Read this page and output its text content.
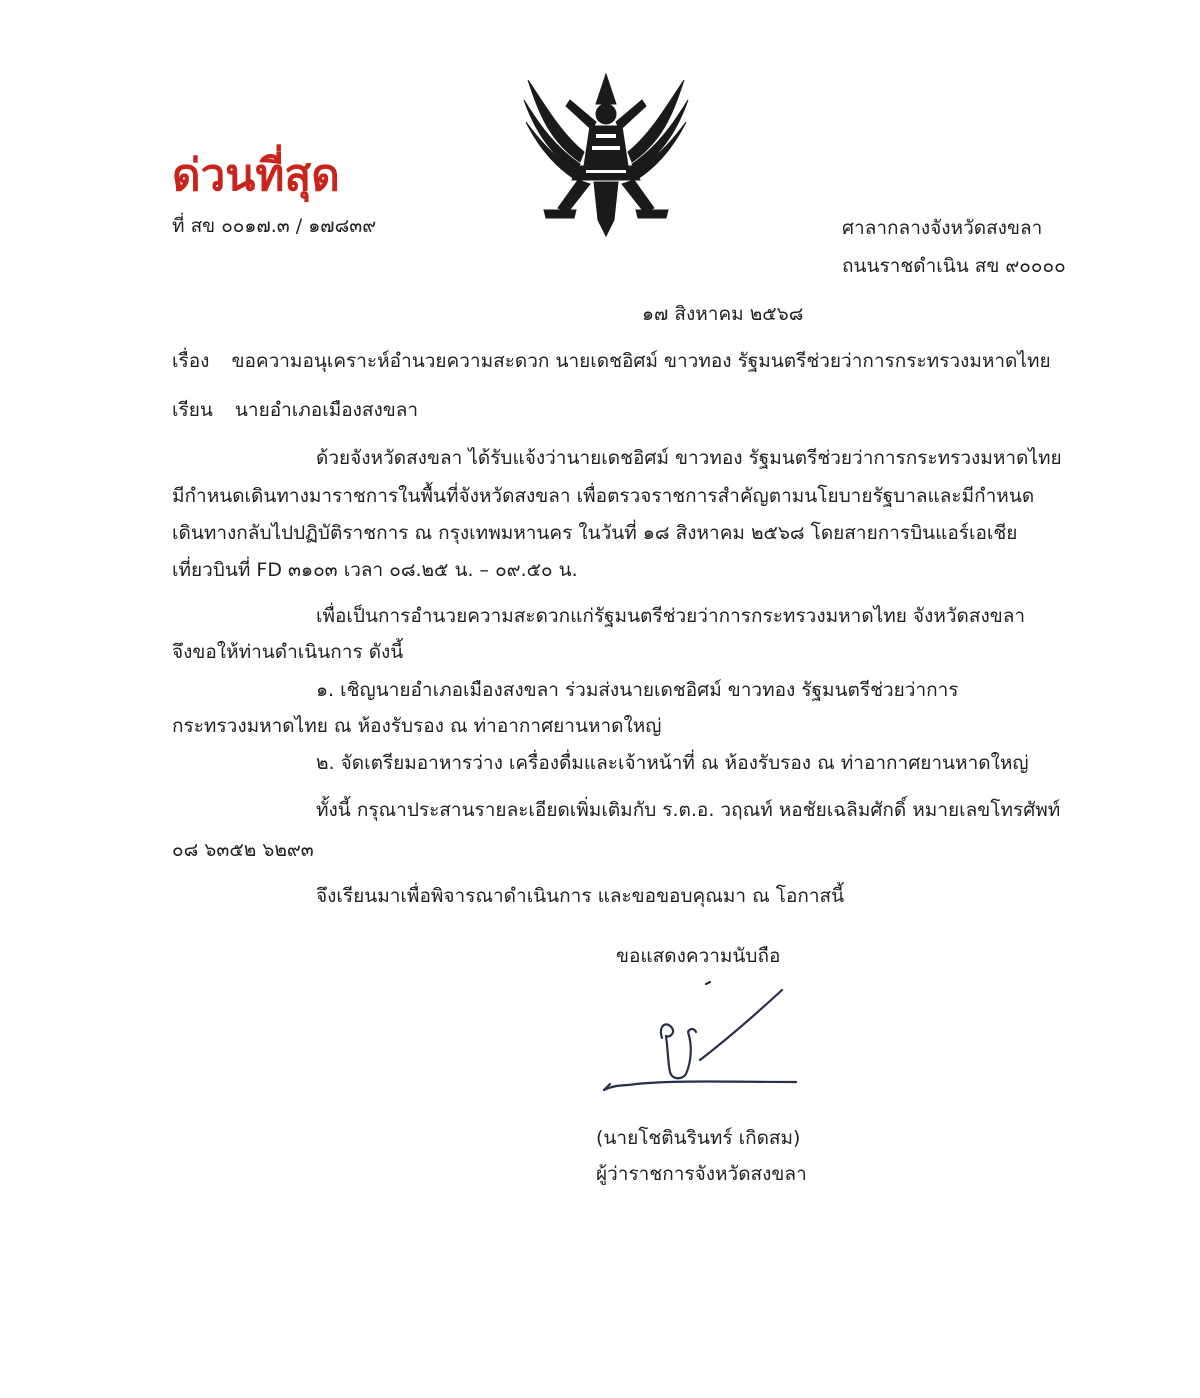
ด่วนที่สุด
ที่ สข ๐๐๑๗.๓ / ๑๗๘๓๙	ศาลากลางจังหวัดสงขลา
ถนนราชดำเนิน สข ๙๐๐๐๐
๑๗ สิงหาคม ๒๕๖๘
เรื่อง ขอความอนุเคราะห์อำนวยความสะดวก นายเดชอิศม์ ขาวทอง รัฐมนตรีช่วยว่าการกระทรวงมหาดไทย
เรียน นายอำเภอเมืองสงขลา
ด้วยจังหวัดสงขลา ได้รับแจ้งว่านายเดชอิศม์ ขาวทอง รัฐมนตรีช่วยว่าการกระทรวงมหาดไทย
มีกำหนดเดินทางมาราชการในพื้นที่จังหวัดสงขลา เพื่อตรวจราชการสำคัญตามนโยบายรัฐบาลและมีกำหนด
เดินทางกลับไปปฏิบัติราชการ ณ กรุงเทพมหานคร ในวันที่ ๑๘ สิงหาคม ๒๕๖๘ โดยสายการบินแอร์เอเชีย
เที่ยวบินที่ FD ๓๑๐๓ เวลา ๐๘.๒๕ น. – ๐๙.๕๐ น.
เพื่อเป็นการอำนวยความสะดวกแก่รัฐมนตรีช่วยว่าการกระทรวงมหาดไทย จังหวัดสงขลา
จึงขอให้ท่านดำเนินการ ดังนี้
๑. เชิญนายอำเภอเมืองสงขลา ร่วมส่งนายเดชอิศม์ ขาวทอง รัฐมนตรีช่วยว่าการ
กระทรวงมหาดไทย ณ ห้องรับรอง ณ ท่าอากาศยานหาดใหญ่
๒. จัดเตรียมอาหารว่าง เครื่องดื่มและเจ้าหน้าที่ ณ ห้องรับรอง ณ ท่าอากาศยานหาดใหญ่
ทั้งนี้ กรุณาประสานรายละเอียดเพิ่มเติมกับ ร.ต.อ. วฤณท์ หอชัยเฉลิมศักดิ์ หมายเลขโทรศัพท์
๐๘ ๖๓๕๒ ๖๒๙๓
จึงเรียนมาเพื่อพิจารณาดำเนินการ และขอขอบคุณมา ณ โอกาสนี้
ขอแสดงความนับถือ
(นายโชตินรินทร์ เกิดสม)
ผู้ว่าราชการจังหวัดสงขลา
